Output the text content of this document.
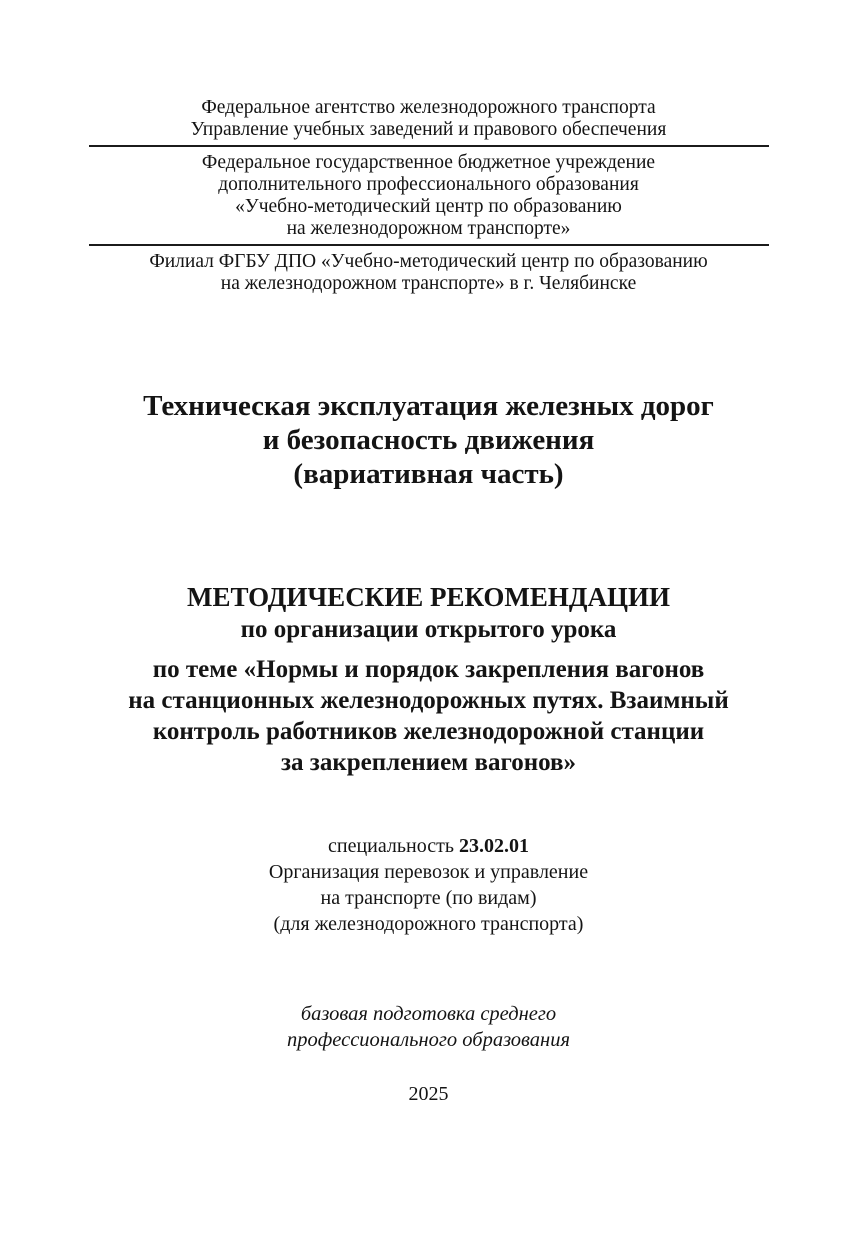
Федеральное агентство железнодорожного транспорта
Управление учебных заведений и правового обеспечения
Федеральное государственное бюджетное учреждение
дополнительного профессионального образования
«Учебно-методический центр по образованию
на железнодорожном транспорте»
Филиал ФГБУ ДПО «Учебно-методический центр по образованию
на железнодорожном транспорте» в г. Челябинске
Техническая эксплуатация железных дорог
и безопасность движения
(вариативная часть)
МЕТОДИЧЕСКИЕ РЕКОМЕНДАЦИИ
по организации открытого урока
по теме «Нормы и порядок закрепления вагонов
на станционных железнодорожных путях. Взаимный
контроль работников железнодорожной станции
за закреплением вагонов»
специальность 23.02.01
Организация перевозок и управление
на транспорте (по видам)
(для железнодорожного транспорта)
базовая подготовка среднего
профессионального образования
2025
